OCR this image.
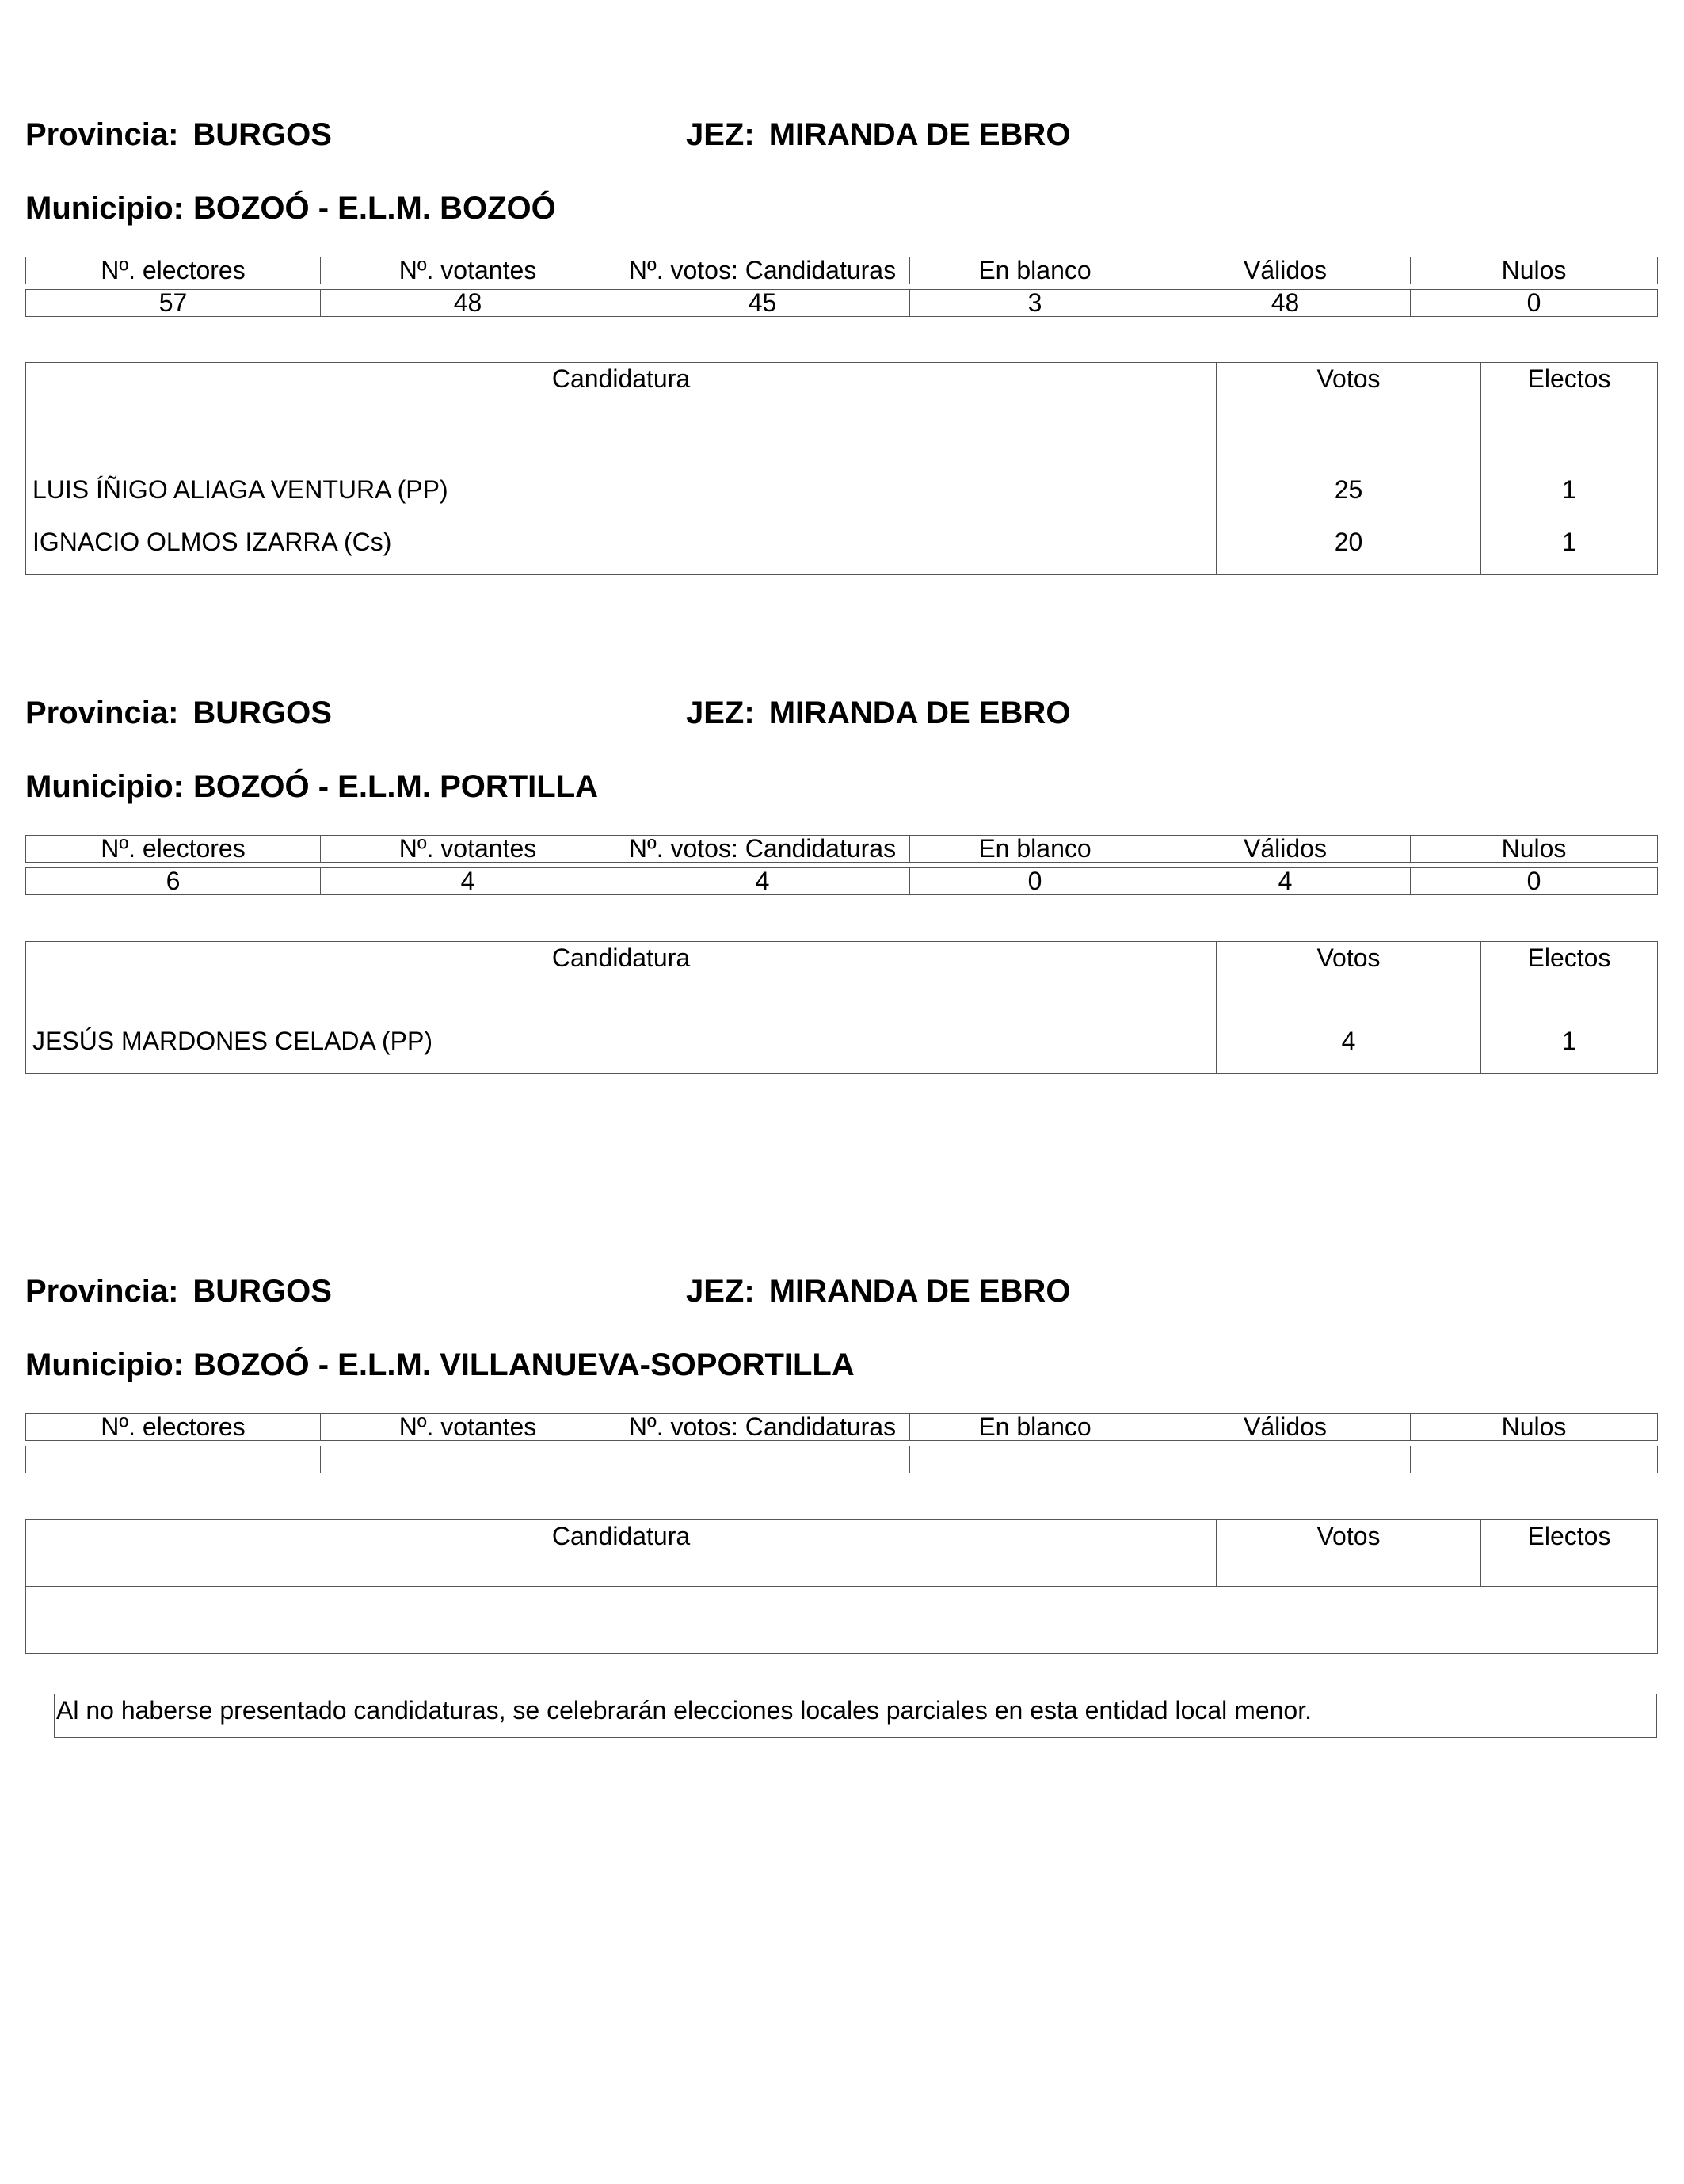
Provincia: BURGOS	JEZ: MIRANDA DE EBRO
Municipio: BOZOÓ - E.L.M. BOZOÓ
Nº. electores	Nº. votantes	Nº. votos: Candidaturas	En blanco	Válidos	Nulos

57	48	45	3	48	0
Candidatura	Votos	Electos
LUIS ÍÑIGO ALIAGA VENTURA (PP)	25	1
IGNACIO OLMOS IZARRA (Cs)	20	1
Provincia: BURGOS	JEZ: MIRANDA DE EBRO
Municipio: BOZOÓ - E.L.M. PORTILLA
Nº. electores	Nº. votantes	Nº. votos: Candidaturas	En blanco	Válidos	Nulos

6	4	4	0	4	0
Candidatura	Votos	Electos
JESÚS MARDONES CELADA (PP)	4	1
Provincia: BURGOS	JEZ: MIRANDA DE EBRO
Municipio: BOZOÓ - E.L.M. VILLANUEVA-SOPORTILLA
Nº. electores	Nº. votantes	Nº. votos: Candidaturas	En blanco	Válidos	Nulos

Candidatura	Votos	Electos

Al no haberse presentado candidaturas, se celebrarán elecciones locales parciales en esta entidad local menor.
